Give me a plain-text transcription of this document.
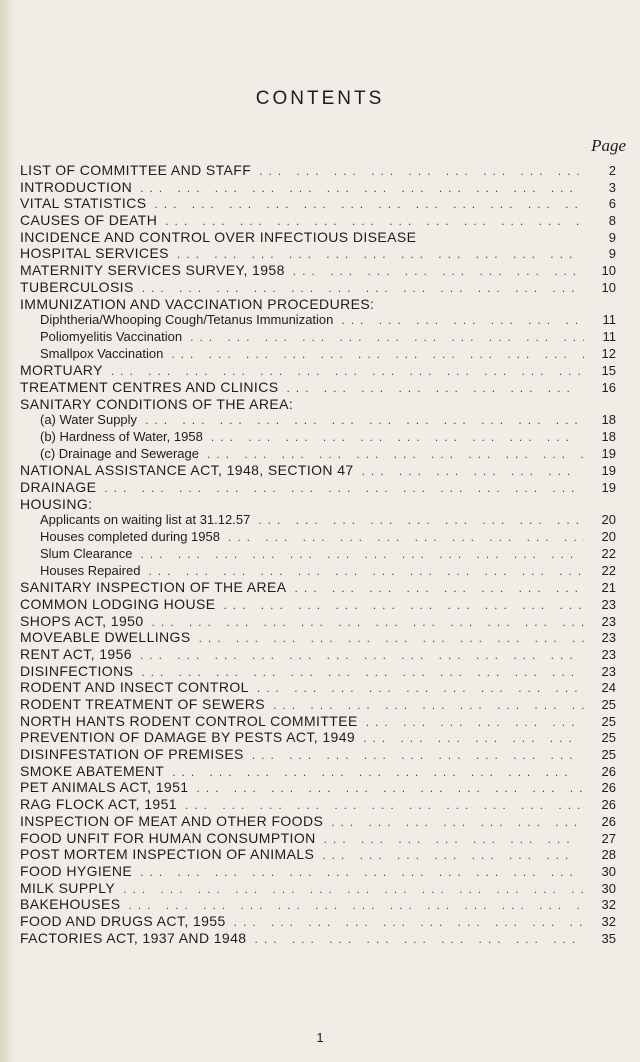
CONTENTS
Page
LIST OF COMMITTEE AND STAFF ... .	2
INTRODUCTION ... .	3
VITAL STATISTICS ... .	6
CAUSES OF DEATH ... .	8
INCIDENCE AND CONTROL OVER INFECTIOUS DISEASE	9
HOSPITAL SERVICES ... .	9
MATERNITY SERVICES SURVEY, 1958 ... .	10
TUBERCULOSIS ... .	10
IMMUNIZATION AND VACCINATION PROCEDURES:
Diphtheria/Whooping Cough/Tetanus Immunization ... .	11
Poliomyelitis Vaccination ... .	11
Smallpox Vaccination ... .	12
MORTUARY ... .	15
TREATMENT CENTRES AND CLINICS ... .	16
SANITARY CONDITIONS OF THE AREA:
(a) Water Supply ... .	18
(b) Hardness of Water, 1958 ... .	18
(c) Drainage and Sewerage ... .	19
NATIONAL ASSISTANCE ACT, 1948, SECTION 47 ... .	19
DRAINAGE ... .	19
HOUSING:
Applicants on waiting list at 31.12.57 ... .	20
Houses completed during 1958 ... .	20
Slum Clearance ... .	22
Houses Repaired ... .	22
SANITARY INSPECTION OF THE AREA ... .	21
COMMON LODGING HOUSE ... .	23
SHOPS ACT, 1950 ... .	23
MOVEABLE DWELLINGS ... .	23
RENT ACT, 1956 ... .	23
DISINFECTIONS ... .	23
RODENT AND INSECT CONTROL ... .	24
RODENT TREATMENT OF SEWERS ... .	25
NORTH HANTS RODENT CONTROL COMMITTEE ... .	25
PREVENTION OF DAMAGE BY PESTS ACT, 1949 ... .	25
DISINFESTATION OF PREMISES ... .	25
SMOKE ABATEMENT ... .	26
PET ANIMALS ACT, 1951 ... .	26
RAG FLOCK ACT, 1951 ... .	26
INSPECTION OF MEAT AND OTHER FOODS ... .	26
FOOD UNFIT FOR HUMAN CONSUMPTION ... .	27
POST MORTEM INSPECTION OF ANIMALS ... .	28
FOOD HYGIENE ... .	30
MILK SUPPLY ... .	30
BAKEHOUSES ... .	32
FOOD AND DRUGS ACT, 1955 ... .	32
FACTORIES ACT, 1937 AND 1948 ... .	35
1
